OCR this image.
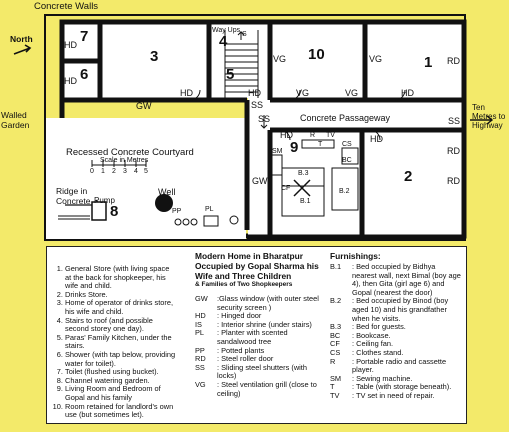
Concrete Walls
North
Walled Garden
Ten Metres to Highway
7
6
3
4
5
10	1
9
2
8
HD
HD
HD	HD	HD
HD	HD
GW
GW
VG	VG
VG	VG
RD
RD
RD
SS
SS
SS
IS
Way Ups
Concrete Passageway
Recessed Concrete Courtyard
Scale in Metres
0 1 2 3 4 5
Ridge in Concrete
Well
Pump
PP	PL
SM
CS
BC
R
T
TV
B.3
CF
B.1
B.2
1. General Store (with living space at the back for shopkeeper, his wife and child.
2. Drinks Store.
3. Home of operator of drinks store, his wife and child.
4. Stairs to roof (and possible second storey one day).
5. Paras' Family Kitchen, under the stairs.
6. Shower (with tap below, providing water for toilet).
7. Toilet (flushed using bucket).
8. Channel watering garden.
9. Living Room and Bedroom of Gopal and his family
10. Room retained for landlord's own use (but sometimes let).
Modern Home in Bharatpur Occupied by Gopal Sharma his Wife and Three Children
& Families of Two Shopkeepers
GW	:Glass window (with outer steel security screen )
HD	: Hinged door
IS	: Interior shrine (under stairs)
PL	: Planter with scented sandalwood tree
PP	: Potted plants
RD	: Steel roller door
SS	: Sliding steel shutters (with locks)
VG	: Steel ventilation grill (close to ceiling)
Furnishings:
B.1	: Bed occupied by Bidhya nearest wall, next Bimal (boy age 4), then Gita (girl age 6) and Gopal (nearest the door)
B.2	: Bed occupied by Binod (boy aged 10) and his grandfather when he visits.
B.3	: Bed for guests.
BC	: Bookcase.
CF	: Ceiling fan.
CS	: Clothes stand.
R	: Portable radio and cassette player.
SM	: Sewing machine.
T	: Table (with storage beneath).
TV	: TV set in need of repair.
